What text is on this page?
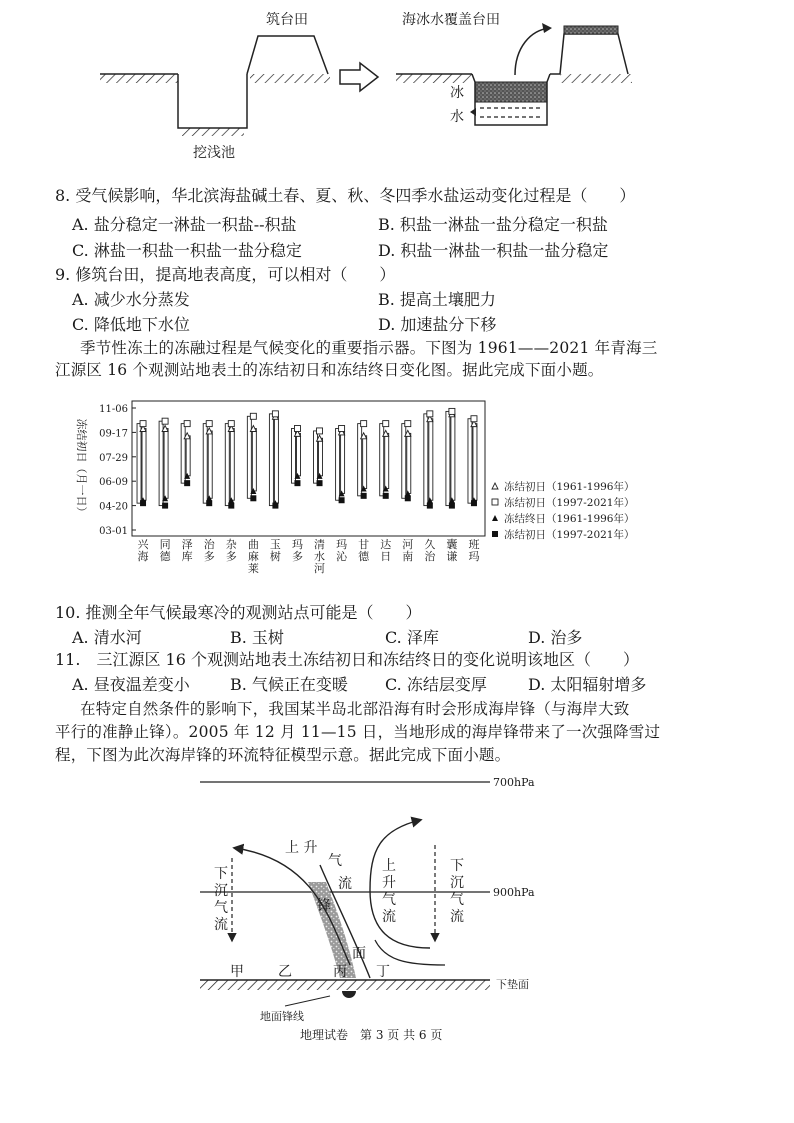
筑台田
挖浅池
海冰水覆盖台田
冰
水
8. 受气候影响，华北滨海盐碱土春、夏、秋、冬四季水盐运动变化过程是（　　）
A. 盐分稳定一淋盐一积盐--积盐	B. 积盐一淋盐一盐分稳定一积盐
C. 淋盐一积盐一积盐一盐分稳定	D. 积盐一淋盐一积盐一盐分稳定
9. 修筑台田，提高地表高度，可以相对（　　）
A. 减少水分蒸发	B. 提高土壤肥力
C. 降低地下水位	D. 加速盐分下移
季节性冻土的冻融过程是气候变化的重要指示器。下图为 1961——2021 年青海三
江源区 16 个观测站地表土的冻结初日和冻结终日变化图。据此完成下面小题。
冻结初日（月一日）
11-06
09-17
07-29
06-09
04-20
03-01
兴
海
同
德
泽
库
治
多
杂
多
曲
麻
莱
玉
树
玛
多
清
水
河
玛
沁
甘
德
达
日
河
南
久
治
囊
谦
班
玛
冻结初日（1961-1996年）
冻结初日（1997-2021年）
冻结终日（1961-1996年）
冻结初日（1997-2021年）
10. 推测全年气候最寒冷的观测站点可能是（　　）
A. 清水河	B. 玉树	C. 泽库	D. 治多
11.　三江源区 16 个观测站地表土冻结初日和冻结终日的变化说明该地区（　　）
A. 昼夜温差变小	B. 气候正在变暖 C. 冻结层变厚	D. 太阳辐射增多
在特定自然条件的影响下，我国某半岛北部沿海有时会形成海岸锋（与海岸大致
平行的准静止锋）。2005 年 12 月 11—15 日，当地形成的海岸锋带来了一次强降雪过
程，下图为此次海岸锋的环流特征模型示意。据此完成下面小题。
700hPa
900hPa
下垫面
上 升
气
流
锋
面
下
沉
气
流
上
升
气
流
下
沉
气
流
甲 乙	丙 丁
地面锋线
地理试卷　第 3 页 共 6 页
